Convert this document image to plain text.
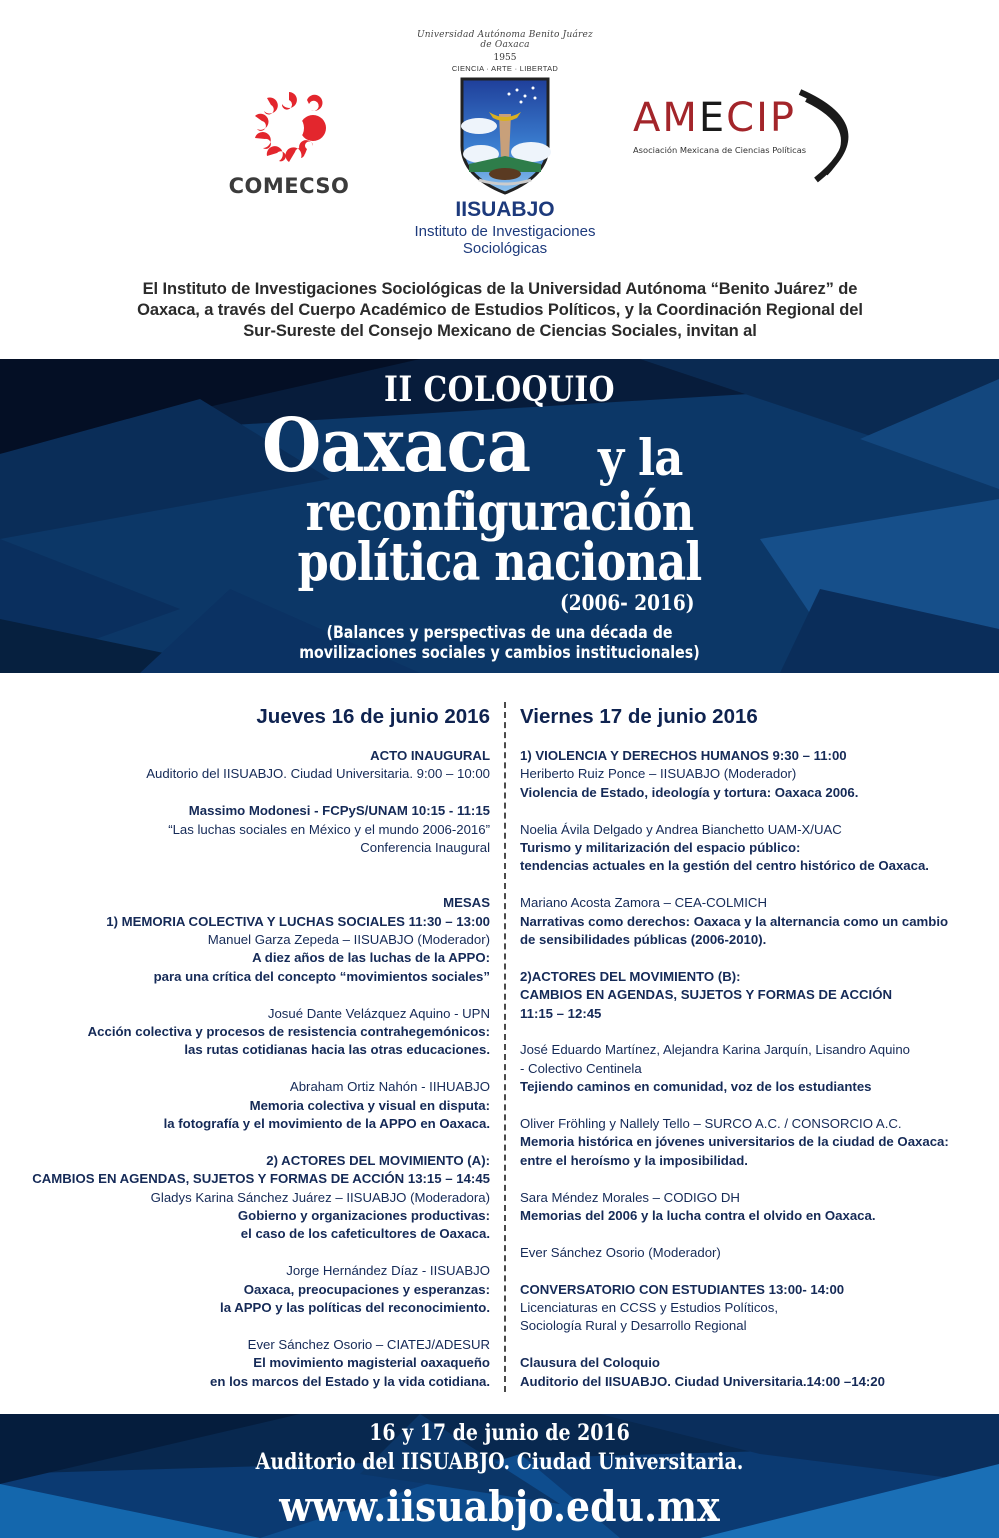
COMECSO
Universidad Autónoma Benito Juárez de Oaxaca
1955
CIENCIA · ARTE · LIBERTAD
IISUABJO
Instituto de Investigaciones
Sociológicas
AMECIP
Asociación Mexicana de Ciencias Políticas
El Instituto de Investigaciones Sociológicas de la Universidad Autónoma “Benito Juárez” de
Oaxaca, a través del Cuerpo Académico de Estudios Políticos, y la Coordinación Regional del
Sur-Sureste del Consejo Mexicano de Ciencias Sociales, invitan al
II COLOQUIO
Oaxaca y la
reconfiguración
política nacional
(2006- 2016)
(Balances y perspectivas de una década de
movilizaciones sociales y cambios institucionales)
Jueves 16 de junio 2016
ACTO INAUGURAL
Auditorio del IISUABJO. Ciudad Universitaria. 9:00 – 10:00
Massimo Modonesi - FCPyS/UNAM 10:15 - 11:15
“Las luchas sociales en México y el mundo 2006-2016”
Conferencia Inaugural
MESAS
1) MEMORIA COLECTIVA Y LUCHAS SOCIALES 11:30 – 13:00
Manuel Garza Zepeda – IISUABJO (Moderador)
A diez años de las luchas de la APPO:
para una crítica del concepto “movimientos sociales”
Josué Dante Velázquez Aquino - UPN
Acción colectiva y procesos de resistencia contrahegemónicos:
las rutas cotidianas hacia las otras educaciones.
Abraham Ortiz Nahón - IIHUABJO
Memoria colectiva y visual en disputa:
la fotografía y el movimiento de la APPO en Oaxaca.
2) ACTORES DEL MOVIMIENTO (A):
CAMBIOS EN AGENDAS, SUJETOS Y FORMAS DE ACCIÓN 13:15 – 14:45
Gladys Karina Sánchez Juárez – IISUABJO (Moderadora)
Gobierno y organizaciones productivas:
el caso de los cafeticultores de Oaxaca.
Jorge Hernández Díaz - IISUABJO
Oaxaca, preocupaciones y esperanzas:
la APPO y las políticas del reconocimiento.
Ever Sánchez Osorio – CIATEJ/ADESUR
El movimiento magisterial oaxaqueño
en los marcos del Estado y la vida cotidiana.
Viernes 17 de junio 2016
1) VIOLENCIA Y DERECHOS HUMANOS 9:30 – 11:00
Heriberto Ruiz Ponce – IISUABJO (Moderador)
Violencia de Estado, ideología y tortura: Oaxaca 2006.
Noelia Ávila Delgado y Andrea Bianchetto UAM-X/UAC
Turismo y militarización del espacio público:
tendencias actuales en la gestión del centro histórico de Oaxaca.
Mariano Acosta Zamora – CEA-COLMICH
Narrativas como derechos: Oaxaca y la alternancia como un cambio
de sensibilidades públicas (2006-2010).
2)ACTORES DEL MOVIMIENTO (B):
CAMBIOS EN AGENDAS, SUJETOS Y FORMAS DE ACCIÓN
11:15 – 12:45
José Eduardo Martínez, Alejandra Karina Jarquín, Lisandro Aquino
- Colectivo Centinela
Tejiendo caminos en comunidad, voz de los estudiantes
Oliver Fröhling y Nallely Tello – SURCO A.C. / CONSORCIO A.C.
Memoria histórica en jóvenes universitarios de la ciudad de Oaxaca:
entre el heroísmo y la imposibilidad.
Sara Méndez Morales – CODIGO DH
Memorias del 2006 y la lucha contra el olvido en Oaxaca.
Ever Sánchez Osorio (Moderador)
CONVERSATORIO CON ESTUDIANTES 13:00- 14:00
Licenciaturas en CCSS y Estudios Políticos,
Sociología Rural y Desarrollo Regional
Clausura del Coloquio
Auditorio del IISUABJO. Ciudad Universitaria.14:00 –14:20
16 y 17 de junio de 2016
Auditorio del IISUABJO. Ciudad Universitaria.
www.iisuabjo.edu.mx
